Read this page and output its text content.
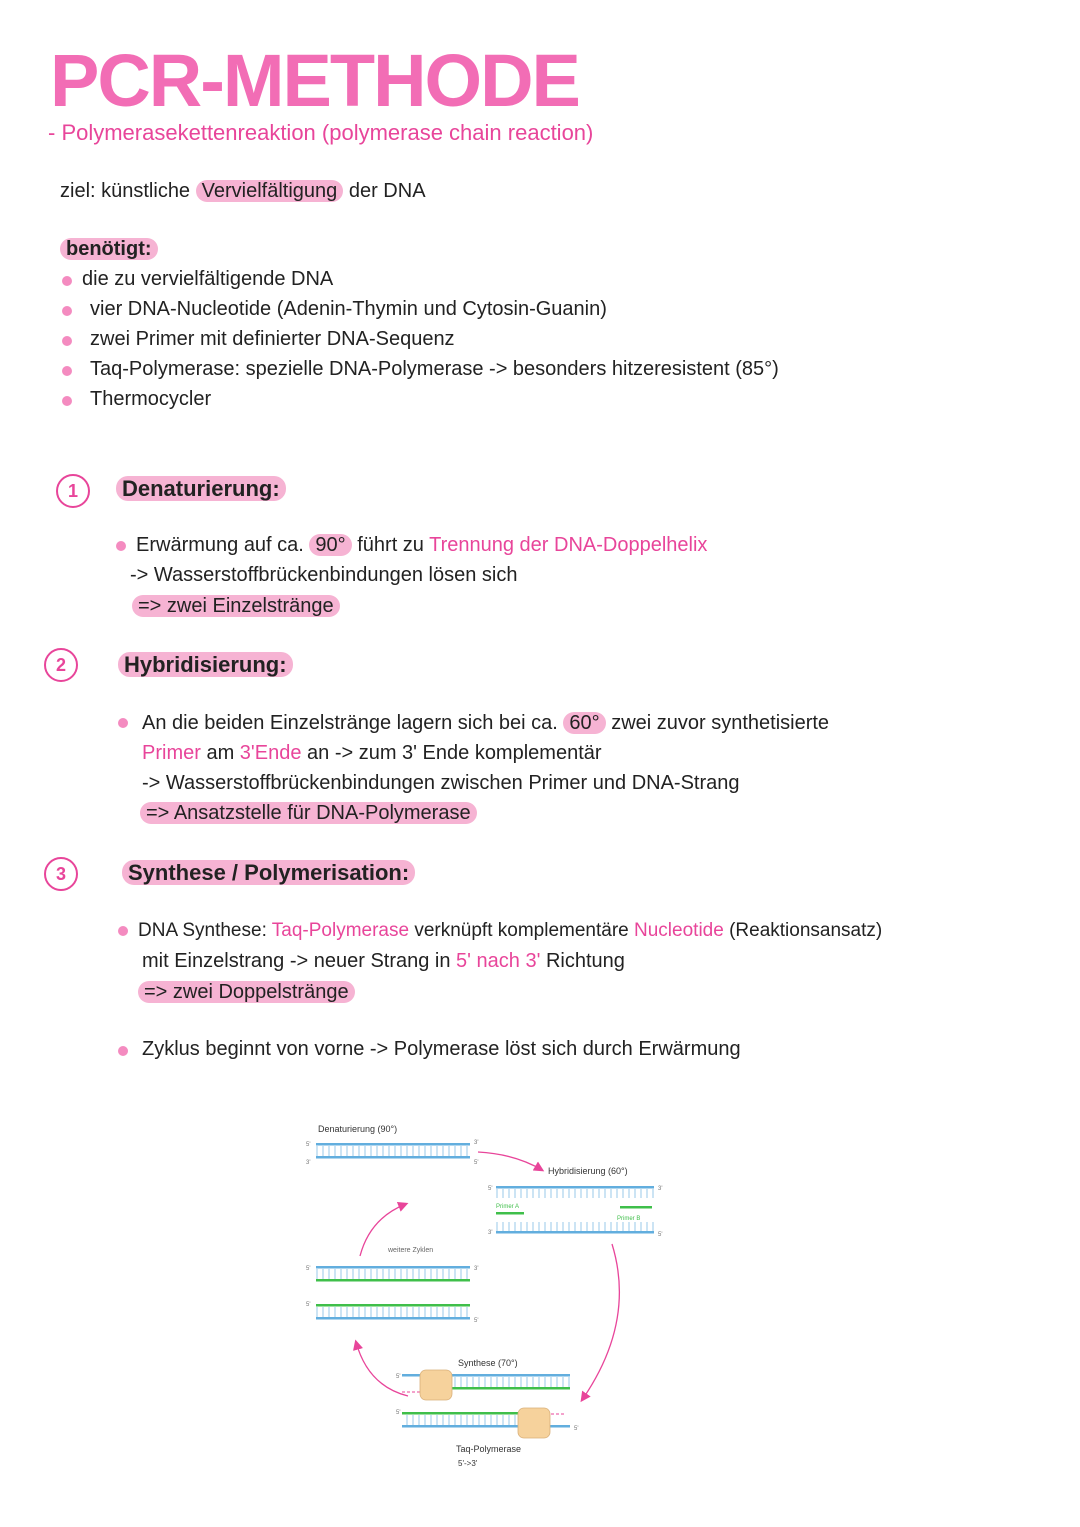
PCR-METHODE
- Polymerasekettenreaktion (polymerase chain reaction)
ziel: künstliche Vervielfältigung der DNA
benötigt:
die zu vervielfältigende DNA
vier DNA-Nucleotide (Adenin-Thymin und Cytosin-Guanin)
zwei Primer mit definierter DNA-Sequenz
Taq-Polymerase: spezielle DNA-Polymerase -> besonders hitzeresistent (85°)
Thermocycler
1	Denaturierung:
Erwärmung auf ca. 90° führt zu Trennung der DNA-Doppelhelix
-> Wasserstoffbrückenbindungen lösen sich
=> zwei Einzelstränge
2	Hybridisierung:
An die beiden Einzelstränge lagern sich bei ca. 60° zwei zuvor synthetisierte
Primer am 3'Ende an -> zum 3' Ende komplementär
-> Wasserstoffbrückenbindungen zwischen Primer und DNA-Strang
=> Ansatzstelle für DNA-Polymerase
3	Synthese / Polymerisation:
DNA Synthese: Taq-Polymerase verknüpft komplementäre Nucleotide (Reaktionsansatz)
mit Einzelstrang -> neuer Strang in 5' nach 3' Richtung
=> zwei Doppelstränge
Zyklus beginnt von vorne -> Polymerase löst sich durch Erwärmung
Denaturierung (90°)
5'	3'
3'	5'
Hybridisierung (60°)
5'	3'
Primer A
Primer B
3'	5'
weitere Zyklen
5'	3'
5'
5'
Synthese (70°)
5'
5'
5'
Taq-Polymerase
5'->3'
